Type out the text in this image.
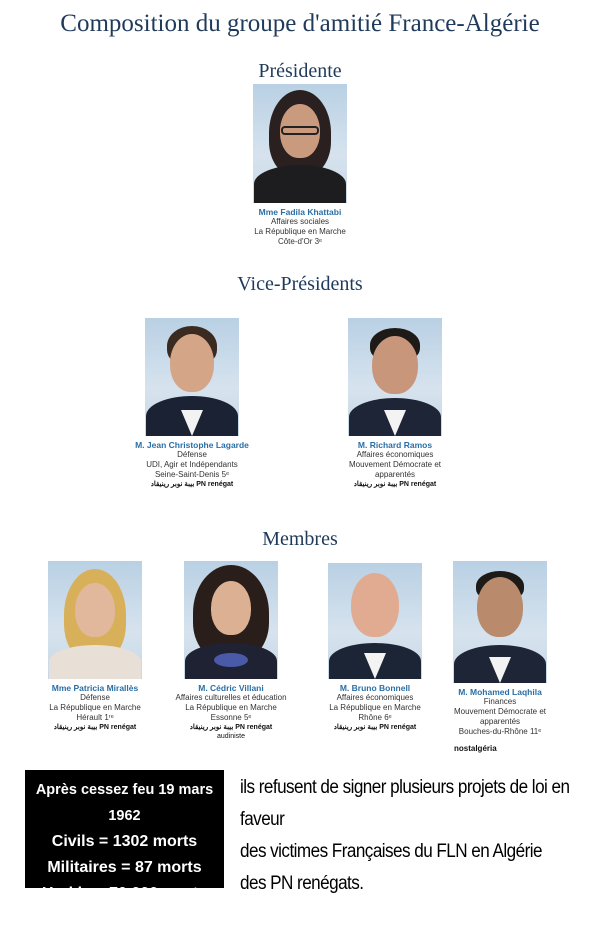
Composition du groupe d'amitié France-Algérie
Présidente
Mme Fadila Khattabi
Affaires sociales
La République en Marche
Côte-d'Or 3ᵉ
Vice-Présidents
M. Jean Christophe Lagarde
Défense
UDI, Agir et Indépendants
Seine-Saint-Denis 5ᵉ
بيبة نوبر رينيقاد PN renégat
M. Richard Ramos
Affaires économiques
Mouvement Démocrate et apparentés
بيبة نوبر رينيقاد PN renégat
Membres
Mme Patricia Mirallès
Défense
La République en Marche
Hérault 1ʳᵉ
بيبة نوبر رينيقاد PN renégat
M. Cédric Villani
Affaires culturelles et éducation
La République en Marche
Essonne 5ᵉ
بيبة نوبر رينيقاد PN renégat
audiniste
M. Bruno Bonnell
Affaires économiques
La République en Marche
Rhône 6ᵉ
بيبة نوبر رينيقاد PN renégat
M. Mohamed Laqhila
Finances
Mouvement Démocrate et apparentés
Bouches-du-Rhône 11ᵉ
nostalgéria
Après cessez feu 19 mars 1962
Civils = 1302 morts
Militaires = 87 morts
Harkis = 70 000 morts
ils refusent de signer plusieurs projets de loi en faveur
des victimes Françaises du FLN en Algérie
des PN renégats.
